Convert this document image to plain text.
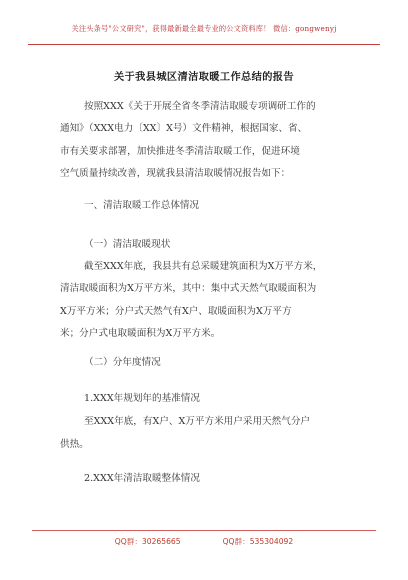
关注头条号"公文研究"，获得最新最全最专业的公文资料库！ 微信：gongwenyj
关于我县城区清洁取暖工作总结的报告
按照XXX《关于开展全省冬季清洁取暖专项调研工作的
通知》（XXX电力〔XX〕X号）文件精神，根据国家、省、
市有关要求部署，加快推进冬季清洁取暖工作，促进环境
空气质量持续改善，现就我县清洁取暖情况报告如下：
一、清洁取暖工作总体情况
（一）清洁取暖现状
截至XXX年底，我县共有总采暖建筑面积为X万平方米，
清洁取暖面积为X万平方米，其中：集中式天然气取暖面积为
X万平方米；分户式天然气有X户、取暖面积为X万平方
米；分户式电取暖面积为X万平方米。
（二）分年度情况
1.XXX年规划年的基准情况
至XXX年底，有X户、X万平方米用户采用天然气分户
供热。
2.XXX年清洁取暖整体情况
QQ群：30265665	QQ群：535304092
